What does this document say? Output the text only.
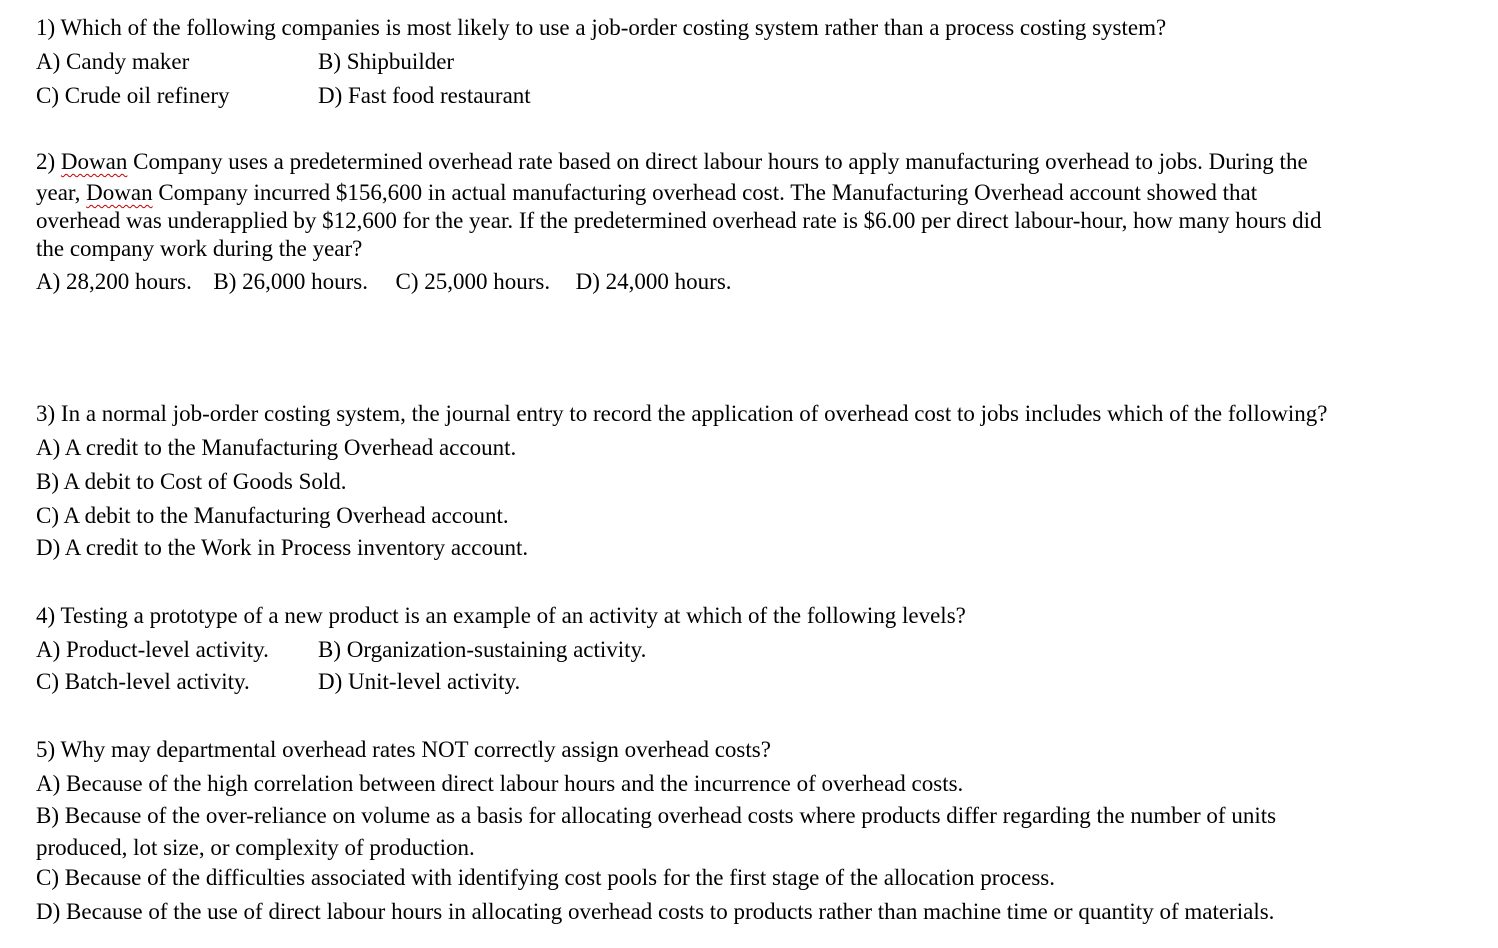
1) Which of the following companies is most likely to use a job-order costing system rather than a process costing system?
A) Candy maker	B) Shipbuilder
C) Crude oil refinery	D) Fast food restaurant
2) Dowan Company uses a predetermined overhead rate based on direct labour hours to apply manufacturing overhead to jobs. During the
year, Dowan Company incurred $156,600 in actual manufacturing overhead cost. The Manufacturing Overhead account showed that
overhead was underapplied by $12,600 for the year. If the predetermined overhead rate is $6.00 per direct labour-hour, how many hours did
the company work during the year?
A) 28,200 hours. B) 26,000 hours. C) 25,000 hours. D) 24,000 hours.
3) In a normal job-order costing system, the journal entry to record the application of overhead cost to jobs includes which of the following?
A) A credit to the Manufacturing Overhead account.
B) A debit to Cost of Goods Sold.
C) A debit to the Manufacturing Overhead account.
D) A credit to the Work in Process inventory account.
4) Testing a prototype of a new product is an example of an activity at which of the following levels?
A) Product-level activity. B) Organization-sustaining activity.
C) Batch-level activity.	D) Unit-level activity.
5) Why may departmental overhead rates NOT correctly assign overhead costs?
A) Because of the high correlation between direct labour hours and the incurrence of overhead costs.
B) Because of the over-reliance on volume as a basis for allocating overhead costs where products differ regarding the number of units
produced, lot size, or complexity of production.
C) Because of the difficulties associated with identifying cost pools for the first stage of the allocation process.
D) Because of the use of direct labour hours in allocating overhead costs to products rather than machine time or quantity of materials.
